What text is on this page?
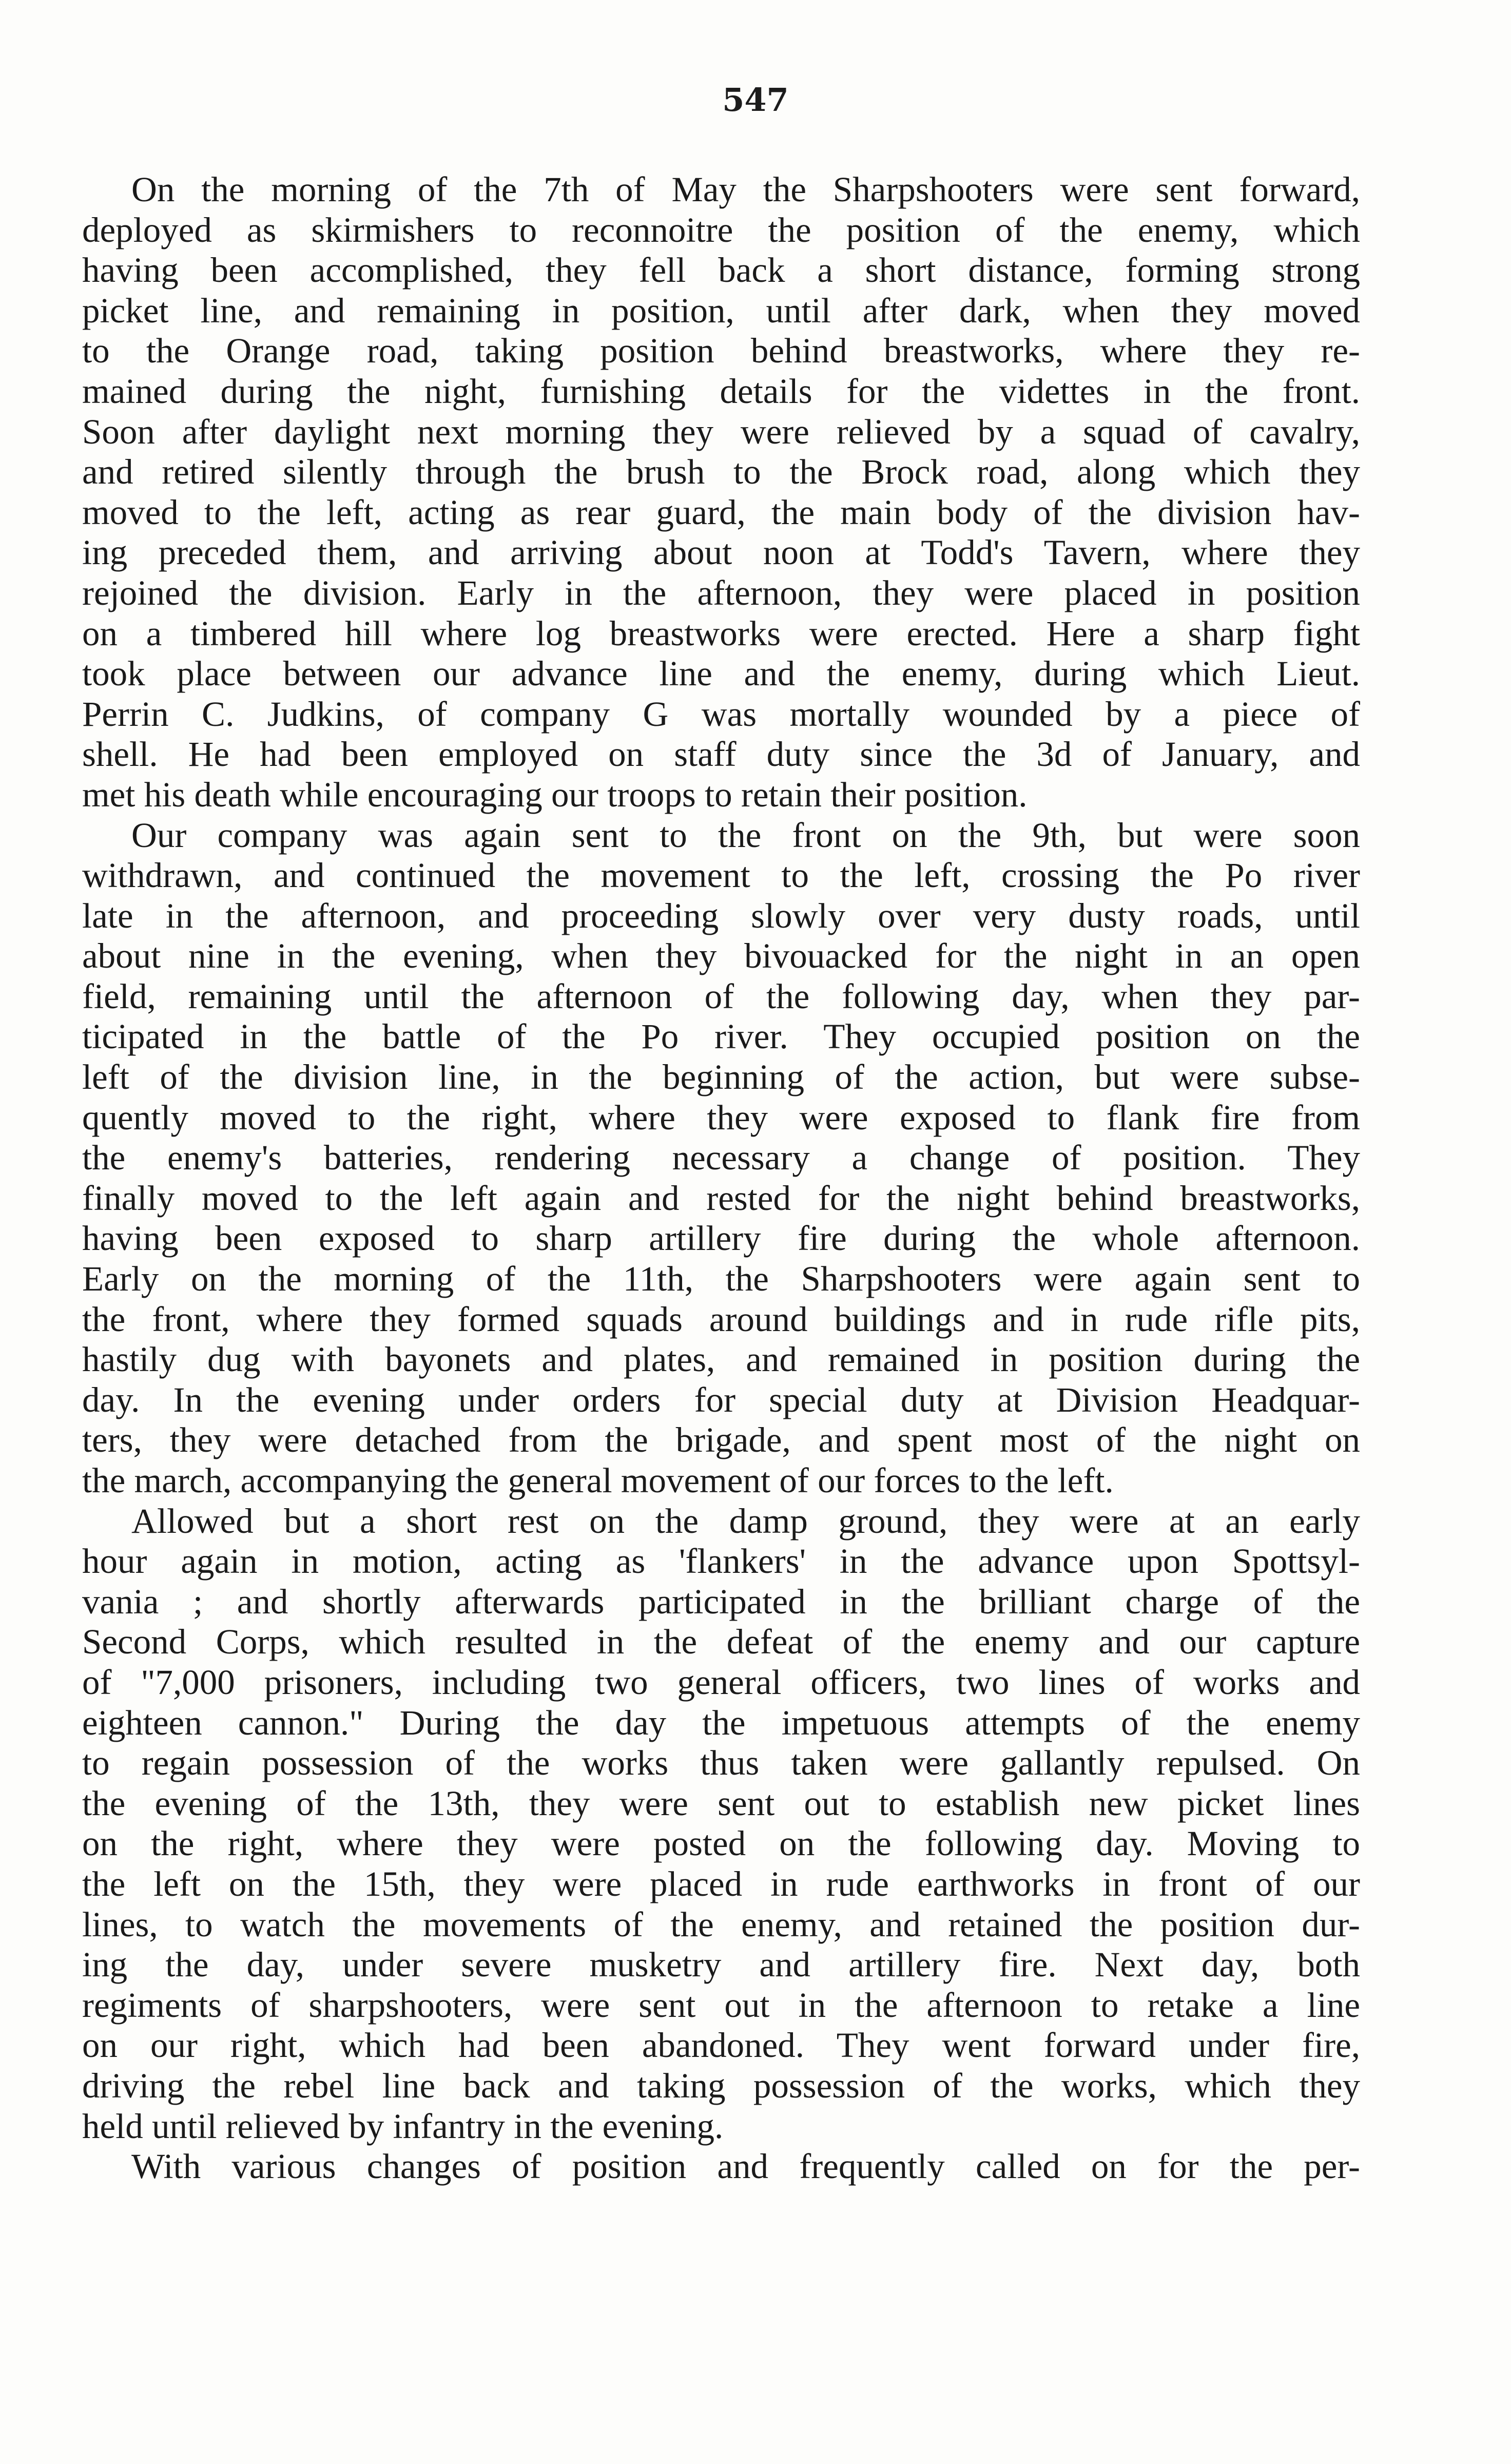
547
On the morning of the 7th of May the Sharpshooters were sent forward,
deployed as skirmishers to reconnoitre the position of the enemy, which
having been accomplished, they fell back a short distance, forming strong
picket line, and remaining in position, until after dark, when they moved
to the Orange road, taking position behind breastworks, where they re-
mained during the night, furnishing details for the videttes in the front.
Soon after daylight next morning they were relieved by a squad of cavalry,
and retired silently through the brush to the Brock road, along which they
moved to the left, acting as rear guard, the main body of the division hav-
ing preceded them, and arriving about noon at Todd's Tavern, where they
rejoined the division. Early in the afternoon, they were placed in position
on a timbered hill where log breastworks were erected. Here a sharp fight
took place between our advance line and the enemy, during which Lieut.
Perrin C. Judkins, of company G was mortally wounded by a piece of
shell. He had been employed on staff duty since the 3d of January, and
met his death while encouraging our troops to retain their position.
Our company was again sent to the front on the 9th, but were soon
withdrawn, and continued the movement to the left, crossing the Po river
late in the afternoon, and proceeding slowly over very dusty roads, until
about nine in the evening, when they bivouacked for the night in an open
field, remaining until the afternoon of the following day, when they par-
ticipated in the battle of the Po river. They occupied position on the
left of the division line, in the beginning of the action, but were subse-
quently moved to the right, where they were exposed to flank fire from
the enemy's batteries, rendering necessary a change of position. They
finally moved to the left again and rested for the night behind breastworks,
having been exposed to sharp artillery fire during the whole afternoon.
Early on the morning of the 11th, the Sharpshooters were again sent to
the front, where they formed squads around buildings and in rude rifle pits,
hastily dug with bayonets and plates, and remained in position during the
day. In the evening under orders for special duty at Division Headquar-
ters, they were detached from the brigade, and spent most of the night on
the march, accompanying the general movement of our forces to the left.
Allowed but a short rest on the damp ground, they were at an early
hour again in motion, acting as 'flankers' in the advance upon Spottsyl-
vania ; and shortly afterwards participated in the brilliant charge of the
Second Corps, which resulted in the defeat of the enemy and our capture
of "7,000 prisoners, including two general officers, two lines of works and
eighteen cannon." During the day the impetuous attempts of the enemy
to regain possession of the works thus taken were gallantly repulsed. On
the evening of the 13th, they were sent out to establish new picket lines
on the right, where they were posted on the following day. Moving to
the left on the 15th, they were placed in rude earthworks in front of our
lines, to watch the movements of the enemy, and retained the position dur-
ing the day, under severe musketry and artillery fire. Next day, both
regiments of sharpshooters, were sent out in the afternoon to retake a line
on our right, which had been abandoned. They went forward under fire,
driving the rebel line back and taking possession of the works, which they
held until relieved by infantry in the evening.
With various changes of position and frequently called on for the per-
